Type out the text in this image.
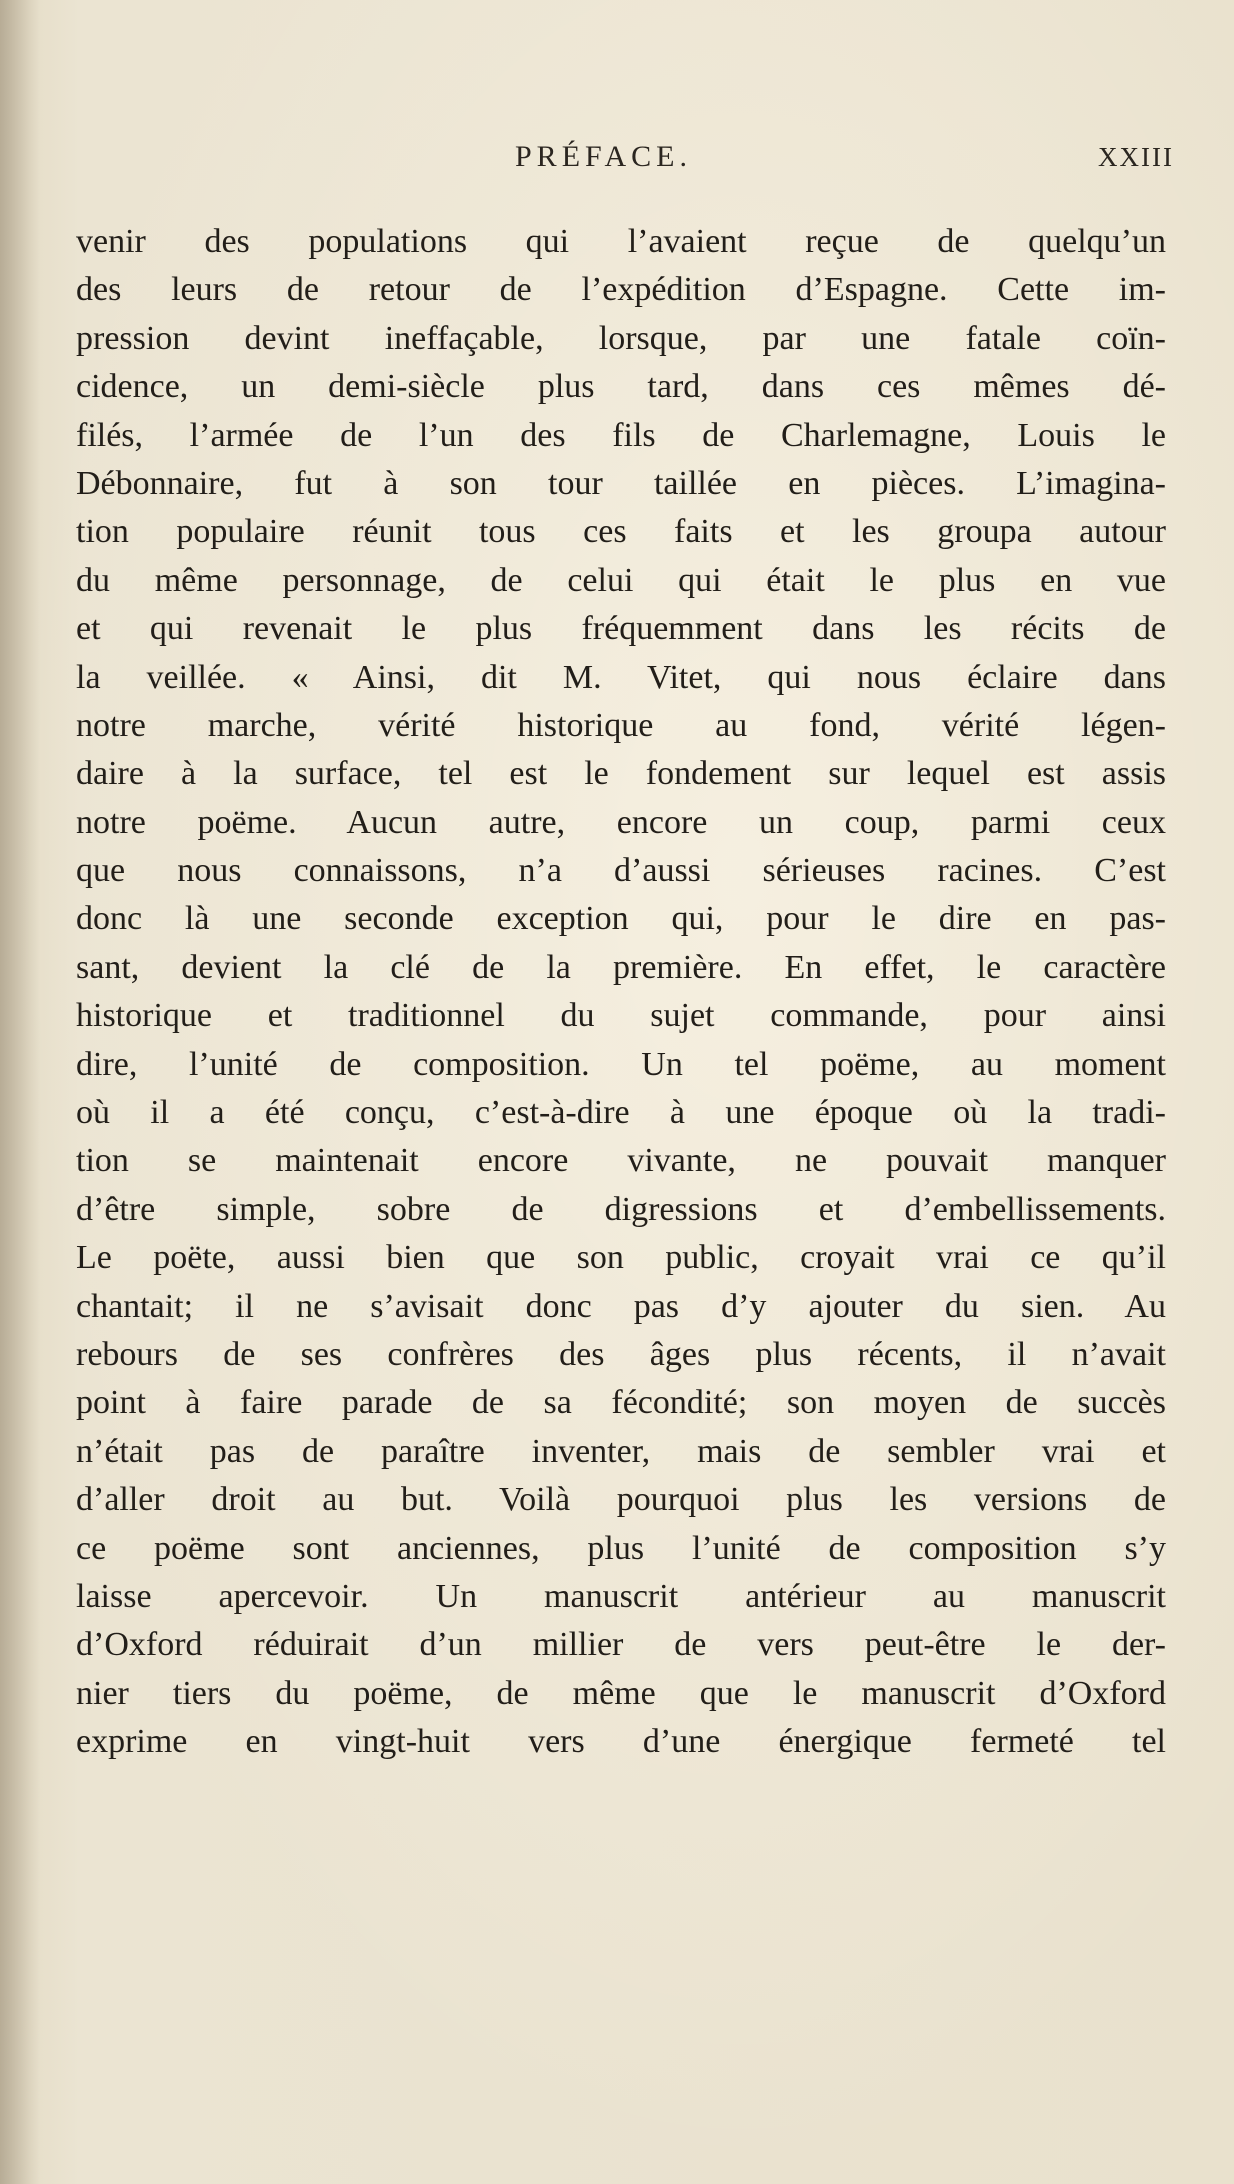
PRÉFACE.	XXIII
venir des populations qui l’avaient reçue de quelqu’un
des leurs de retour de l’expédition d’Espagne. Cette im-
pression devint ineffaçable, lorsque, par une fatale coïn-
cidence, un demi-siècle plus tard, dans ces mêmes dé-
filés, l’armée de l’un des fils de Charlemagne, Louis le
Débonnaire, fut à son tour taillée en pièces. L’imagina-
tion populaire réunit tous ces faits et les groupa autour
du même personnage, de celui qui était le plus en vue
et qui revenait le plus fréquemment dans les récits de
la veillée. « Ainsi, dit M. Vitet, qui nous éclaire dans
notre marche, vérité historique au fond, vérité légen-
daire à la surface, tel est le fondement sur lequel est assis
notre poëme. Aucun autre, encore un coup, parmi ceux
que nous connaissons, n’a d’aussi sérieuses racines. C’est
donc là une seconde exception qui, pour le dire en pas-
sant, devient la clé de la première. En effet, le caractère
historique et traditionnel du sujet commande, pour ainsi
dire, l’unité de composition. Un tel poëme, au moment
où il a été conçu, c’est-à-dire à une époque où la tradi-
tion se maintenait encore vivante, ne pouvait manquer
d’être simple, sobre de digressions et d’embellissements.
Le poëte, aussi bien que son public, croyait vrai ce qu’il
chantait; il ne s’avisait donc pas d’y ajouter du sien. Au
rebours de ses confrères des âges plus récents, il n’avait
point à faire parade de sa fécondité; son moyen de succès
n’était pas de paraître inventer, mais de sembler vrai et
d’aller droit au but. Voilà pourquoi plus les versions de
ce poëme sont anciennes, plus l’unité de composition s’y
laisse apercevoir. Un manuscrit antérieur au manuscrit
d’Oxford réduirait d’un millier de vers peut-être le der-
nier tiers du poëme, de même que le manuscrit d’Oxford
exprime en vingt-huit vers d’une énergique fermeté tel
